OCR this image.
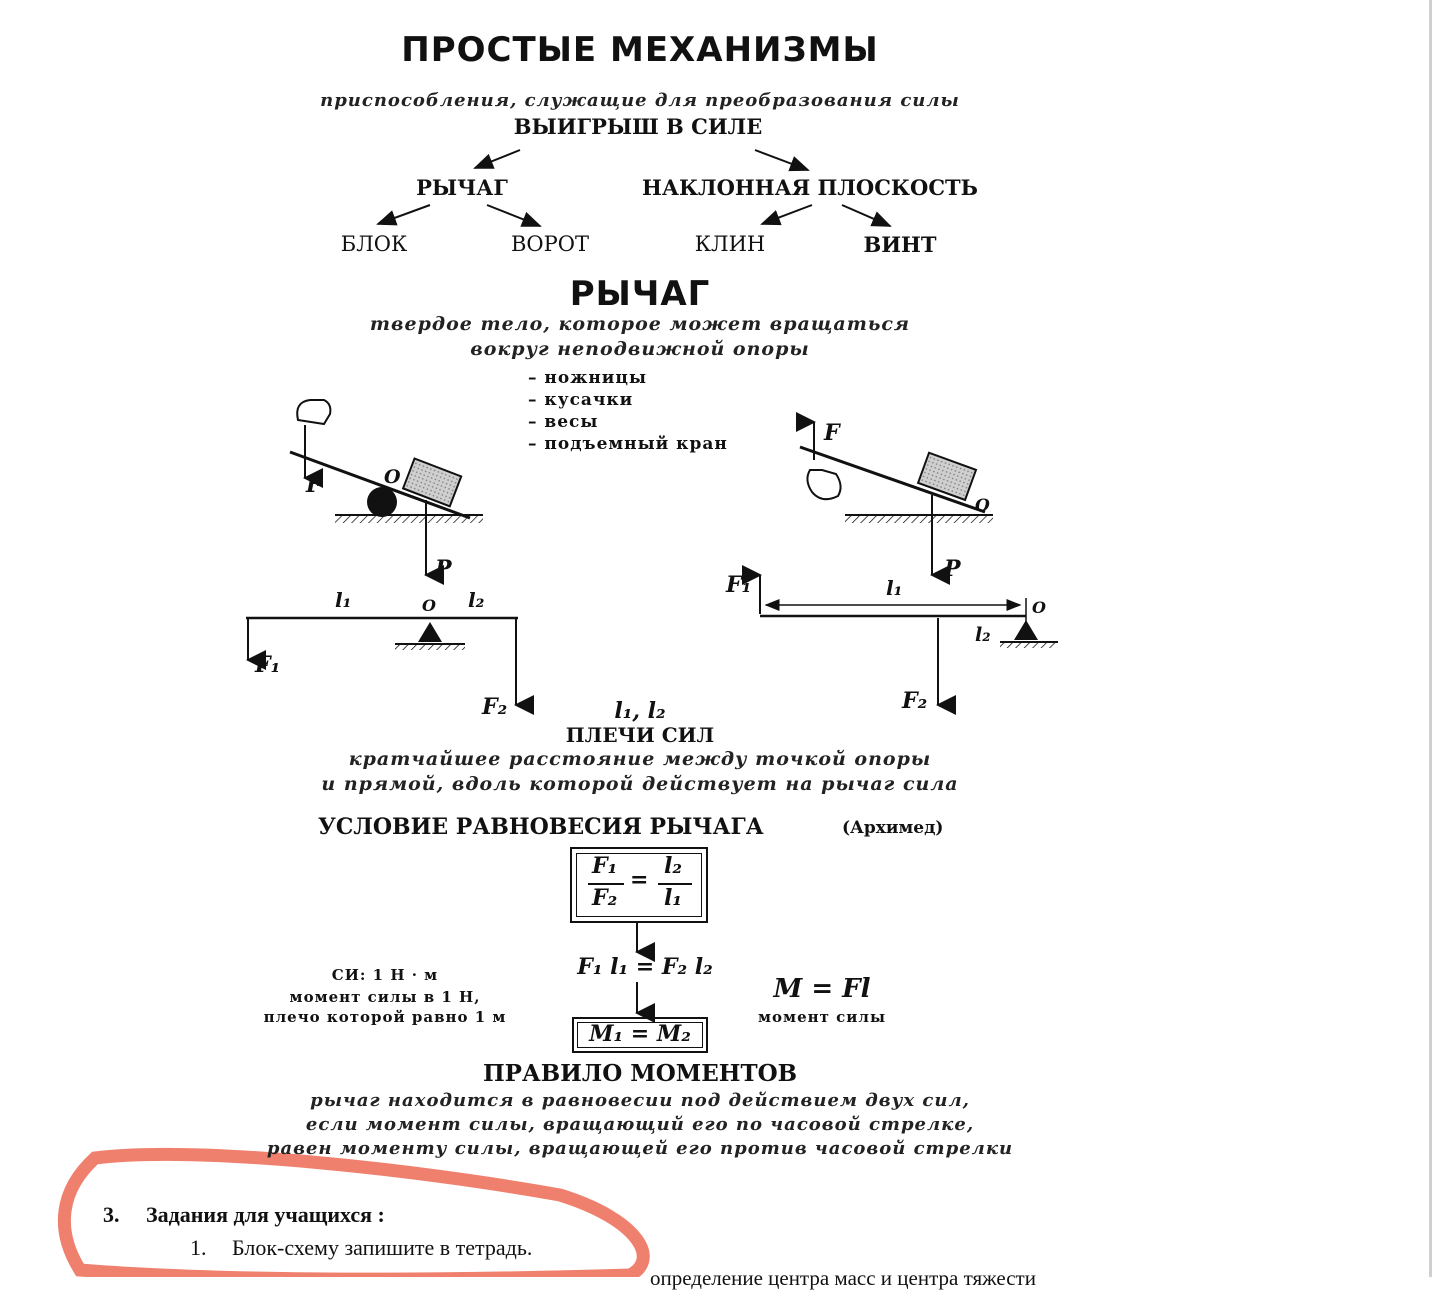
ПРОСТЫЕ МЕХАНИЗМЫ
приспособления, служащие для преобразования силы
ВЫИГРЫШ В СИЛЕ
РЫЧАГ	НАКЛОННАЯ ПЛОСКОСТЬ
БЛОК	ВОРОТ	КЛИН	ВИНТ
РЫЧАГ
твердое тело, которое может вращаться
вокруг неподвижной опоры
– ножницы
– кусачки
– весы
– подъемный кран
F	O
P
l₁	O l₂
F₁
F₂
F
O
P
F₁	l₁
O
l₂
F₂
l₁, l₂
ПЛЕЧИ СИЛ
кратчайшее расстояние между точкой опоры
и прямой, вдоль которой действует на рычаг сила
УСЛОВИЕ РАВНОВЕСИЯ РЫЧАГА	(Архимед)
F₁
F₂
=
l₂
l₁
F₁ l₁ = F₂ l₂
M₁ = M₂
СИ: 1 Н · м
момент силы в 1 Н,
плечо которой равно 1 м
M = Fl
момент силы
ПРАВИЛО МОМЕНТОВ
рычаг находится в равновесии под действием двух сил,
если момент силы, вращающий его по часовой стрелке,
равен моменту силы, вращающей его против часовой стрелки
3. Задания для учащихся :
1. Блок-схему запишите в тетрадь.
определение центра масс и центра тяжести
